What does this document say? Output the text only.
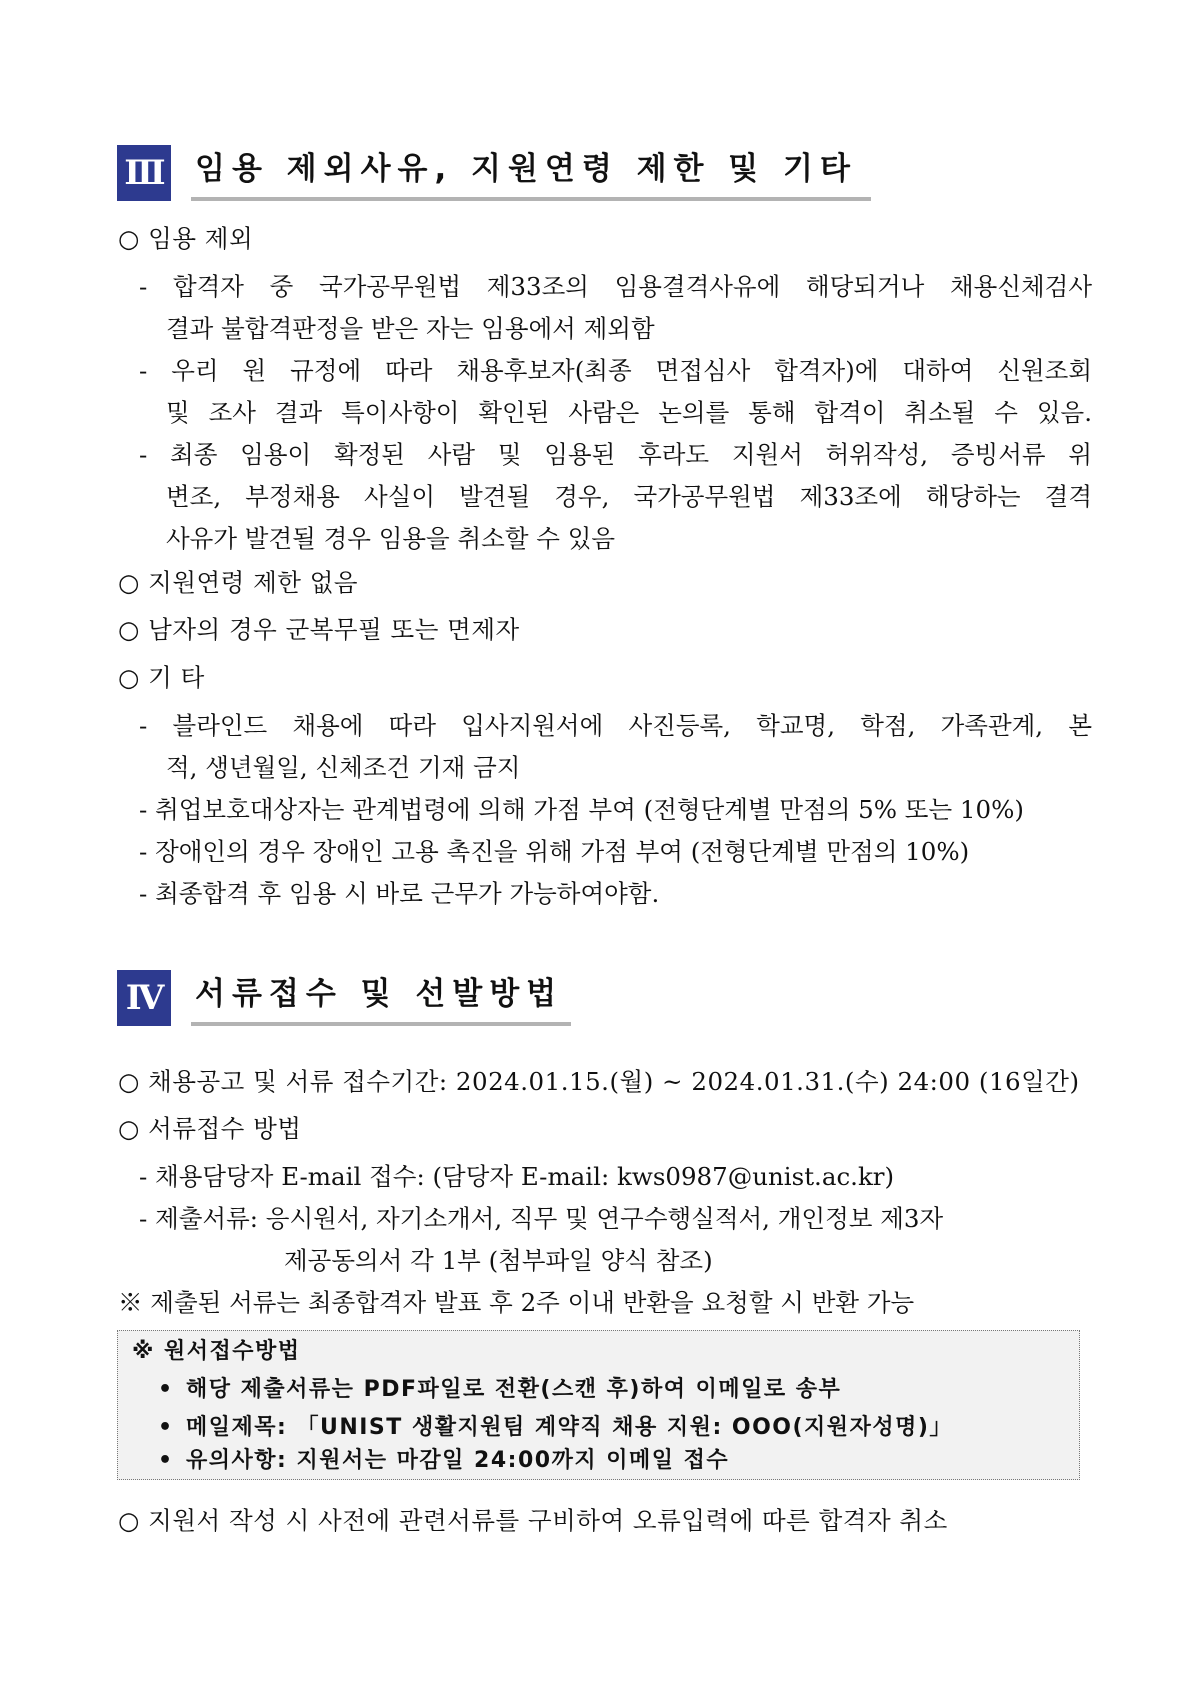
Ⅲ 임용 제외사유, 지원연령 제한 및 기타
○ 임용 제외
- 합격자 중 국가공무원법 제33조의 임용결격사유에 해당되거나 채용신체검사
결과 불합격판정을 받은 자는 임용에서 제외함
- 우리 원 규정에 따라 채용후보자(최종 면접심사 합격자)에 대하여 신원조회
및 조사 결과 특이사항이 확인된 사람은 논의를 통해 합격이 취소될 수 있음.
- 최종 임용이 확정된 사람 및 임용된 후라도 지원서 허위작성, 증빙서류 위
변조, 부정채용 사실이 발견될 경우, 국가공무원법 제33조에 해당하는 결격
사유가 발견될 경우 임용을 취소할 수 있음
○ 지원연령 제한 없음
○ 남자의 경우 군복무필 또는 면제자
○ 기 타
- 블라인드 채용에 따라 입사지원서에 사진등록, 학교명, 학점, 가족관계, 본
적, 생년월일, 신체조건 기재 금지
- 취업보호대상자는 관계법령에 의해 가점 부여 (전형단계별 만점의 5% 또는 10%)
- 장애인의 경우 장애인 고용 촉진을 위해 가점 부여 (전형단계별 만점의 10%)
- 최종합격 후 임용 시 바로 근무가 가능하여야함.
Ⅳ 서류접수 및 선발방법
○ 채용공고 및 서류 접수기간: 2024.01.15.(월) ~ 2024.01.31.(수) 24:00 (16일간)
○ 서류접수 방법
- 채용담당자 E-mail 접수: (담당자 E-mail: kws0987@unist.ac.kr)
- 제출서류: 응시원서, 자기소개서, 직무 및 연구수행실적서, 개인정보 제3자
제공동의서 각 1부 (첨부파일 양식 참조)
※ 제출된 서류는 최종합격자 발표 후 2주 이내 반환을 요청할 시 반환 가능
※ 원서접수방법
• 해당 제출서류는 PDF파일로 전환(스캔 후)하여 이메일로 송부
• 메일제목: 「UNIST 생활지원팀 계약직 채용 지원: OOO(지원자성명)」
• 유의사항: 지원서는 마감일 24:00까지 이메일 접수
○ 지원서 작성 시 사전에 관련서류를 구비하여 오류입력에 따른 합격자 취소
